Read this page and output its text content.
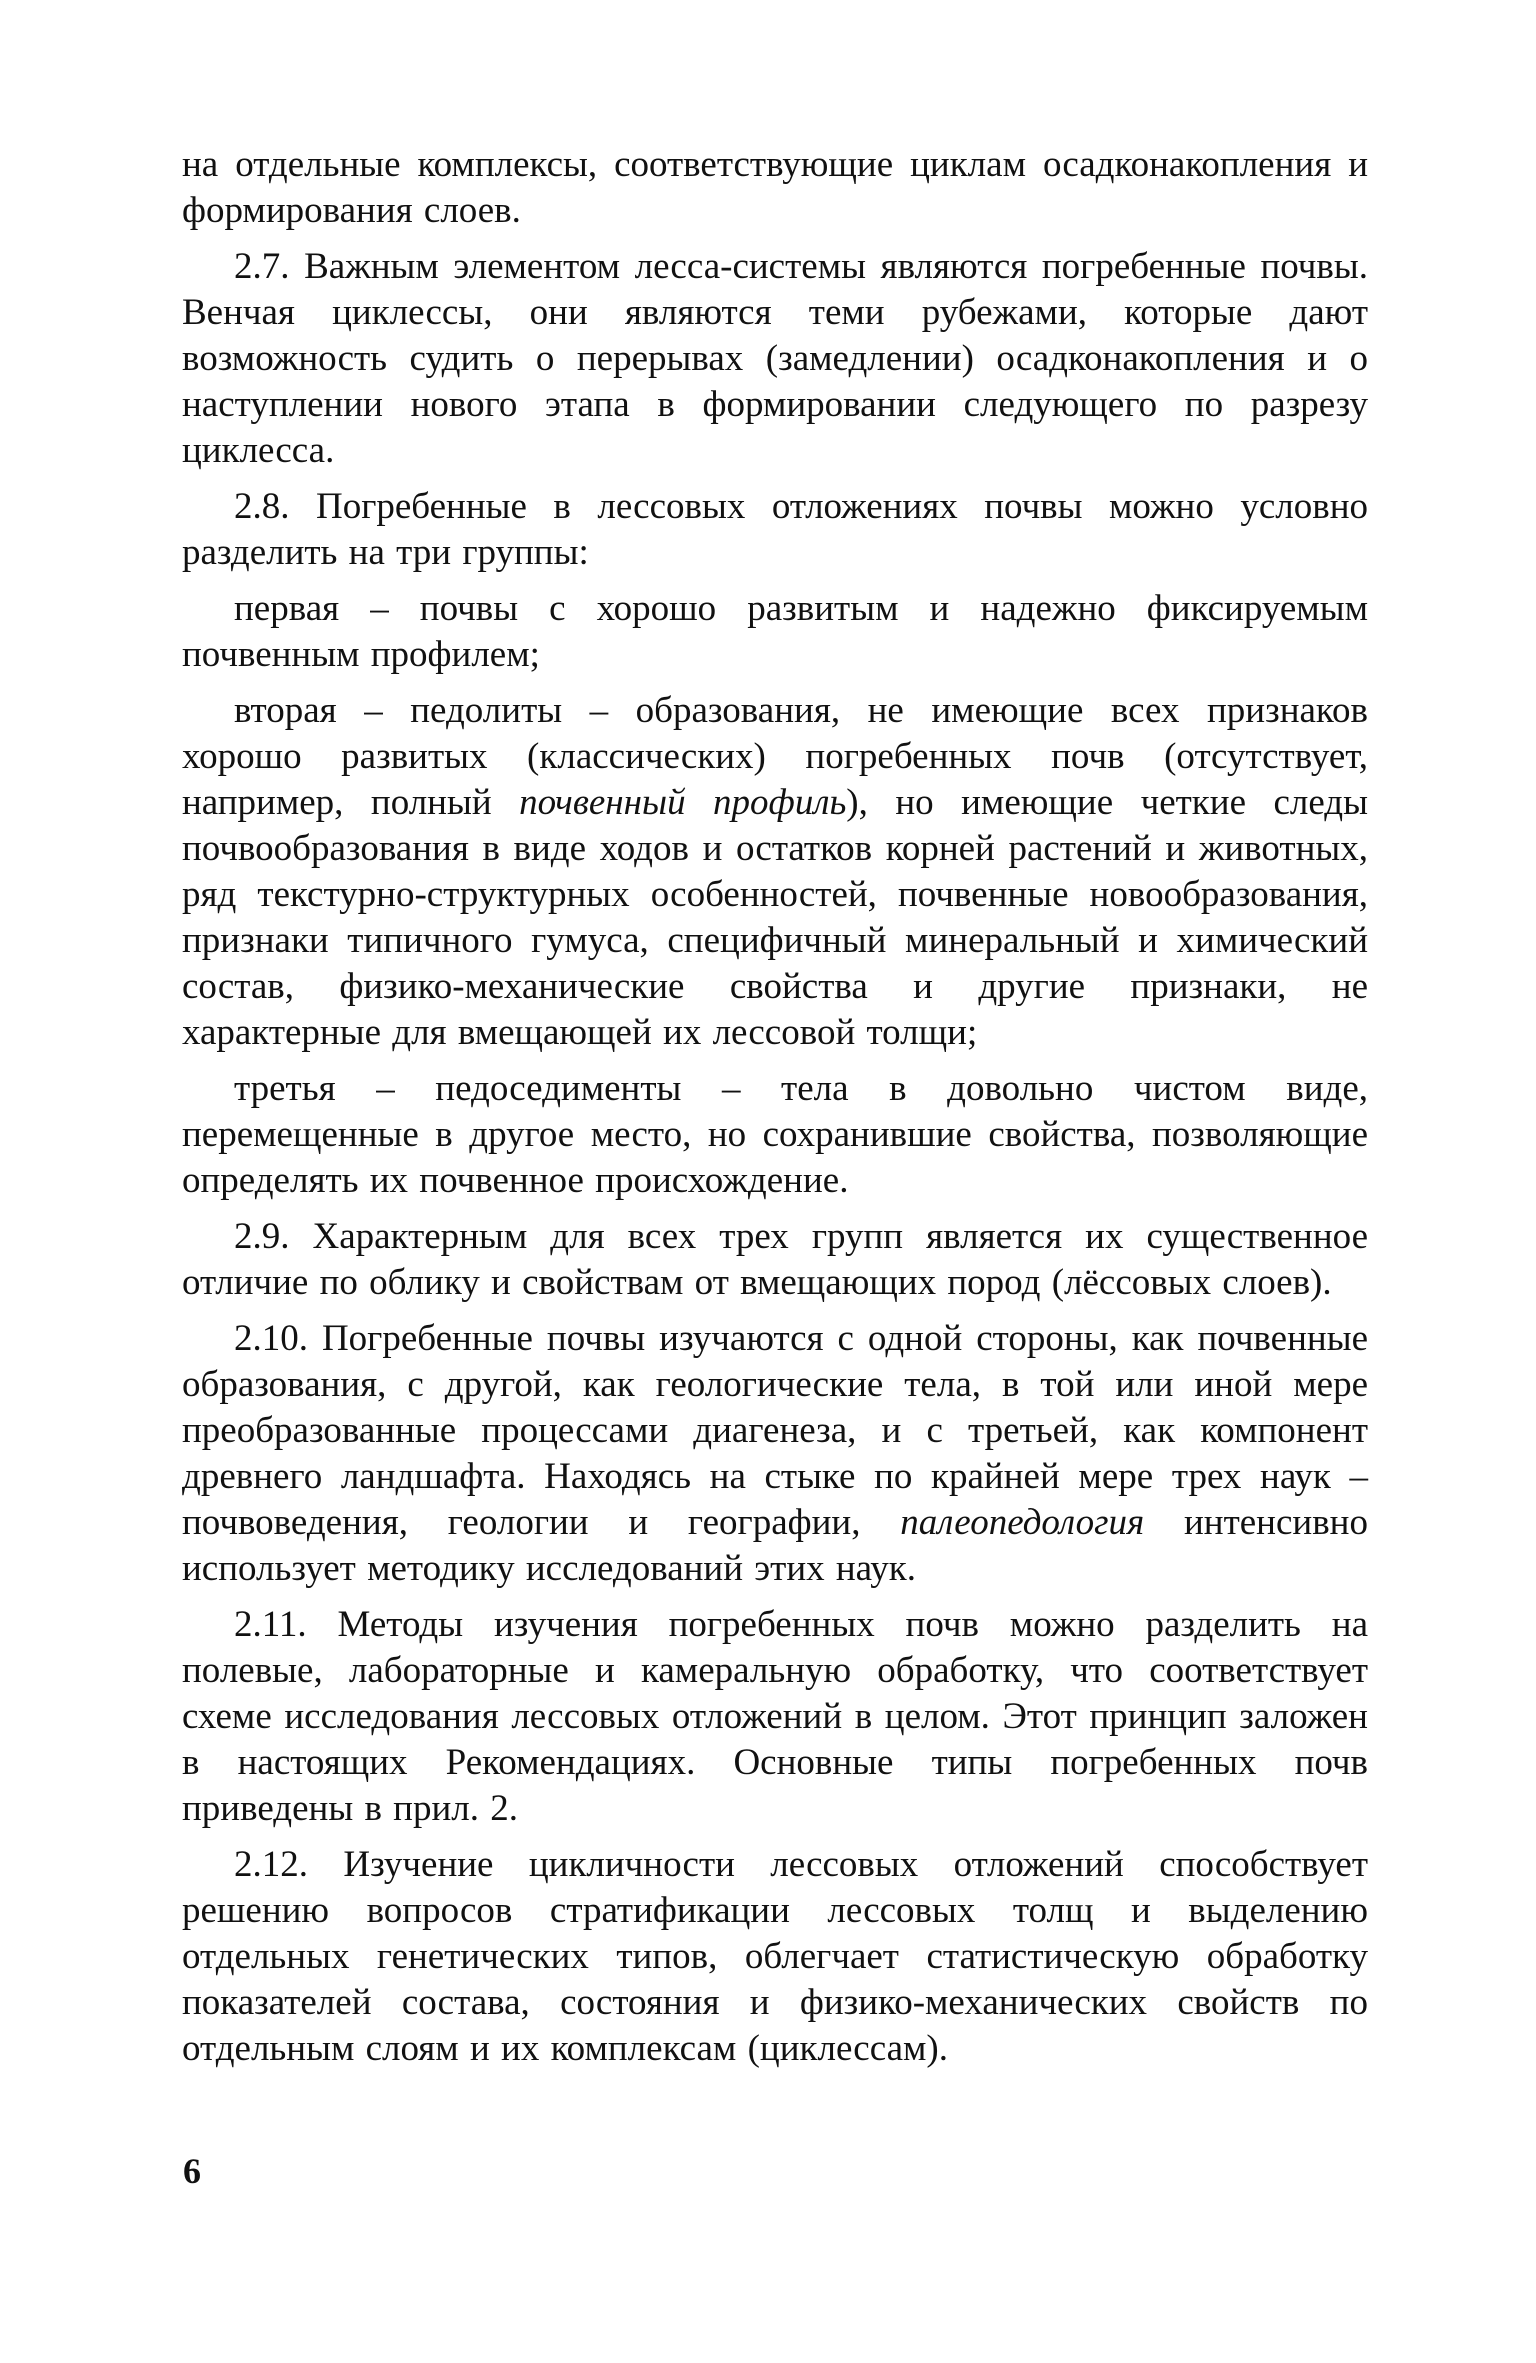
на отдельные комплексы, соответствующие циклам осадконакопления и формирования слоев.

2.7. Важным элементом лесса-системы являются погребенные почвы. Венчая циклессы, они являются теми рубежами, которые дают возможность судить о перерывах (замедлении) осадконакопления и о наступлении нового этапа в формировании следующего по разрезу циклесса.

2.8. Погребенные в лессовых отложениях почвы можно условно разделить на три группы:

первая – почвы с хорошо развитым и надежно фиксируемым почвенным профилем;

вторая – педолиты – образования, не имеющие всех признаков хорошо развитых (классических) погребенных почв (отсутствует, например, полный почвенный профиль), но имеющие четкие следы почвообразования в виде ходов и остатков корней растений и животных, ряд текстурно-структурных особенностей, почвенные новообразования, признаки типичного гумуса, специфичный минеральный и химический состав, физико-механические свойства и другие признаки, не характерные для вмещающей их лессовой толщи;

третья – педоседименты – тела в довольно чистом виде, перемещенные в другое место, но сохранившие свойства, позволяющие определять их почвенное происхождение.

2.9. Характерным для всех трех групп является их существенное отличие по облику и свойствам от вмещающих пород (лёссовых слоев).

2.10. Погребенные почвы изучаются с одной стороны, как почвенные образования, с другой, как геологические тела, в той или иной мере преобразованные процессами диагенеза, и с третьей, как компонент древнего ландшафта. Находясь на стыке по крайней мере трех наук – почвоведения, геологии и географии, палеопедология интенсивно использует методику исследований этих наук.

2.11. Методы изучения погребенных почв можно разделить на полевые, лабораторные и камеральную обработку, что соответствует схеме исследования лессовых отложений в целом. Этот принцип заложен в настоящих Рекомендациях. Основные типы погребенных почв приведены в прил. 2.

2.12. Изучение цикличности лессовых отложений способствует решению вопросов стратификации лессовых толщ и выделению отдельных генетических типов, облегчает статистическую обработку показателей состава, состояния и физико-механических свойств по отдельным слоям и их комплексам (циклессам).

6
